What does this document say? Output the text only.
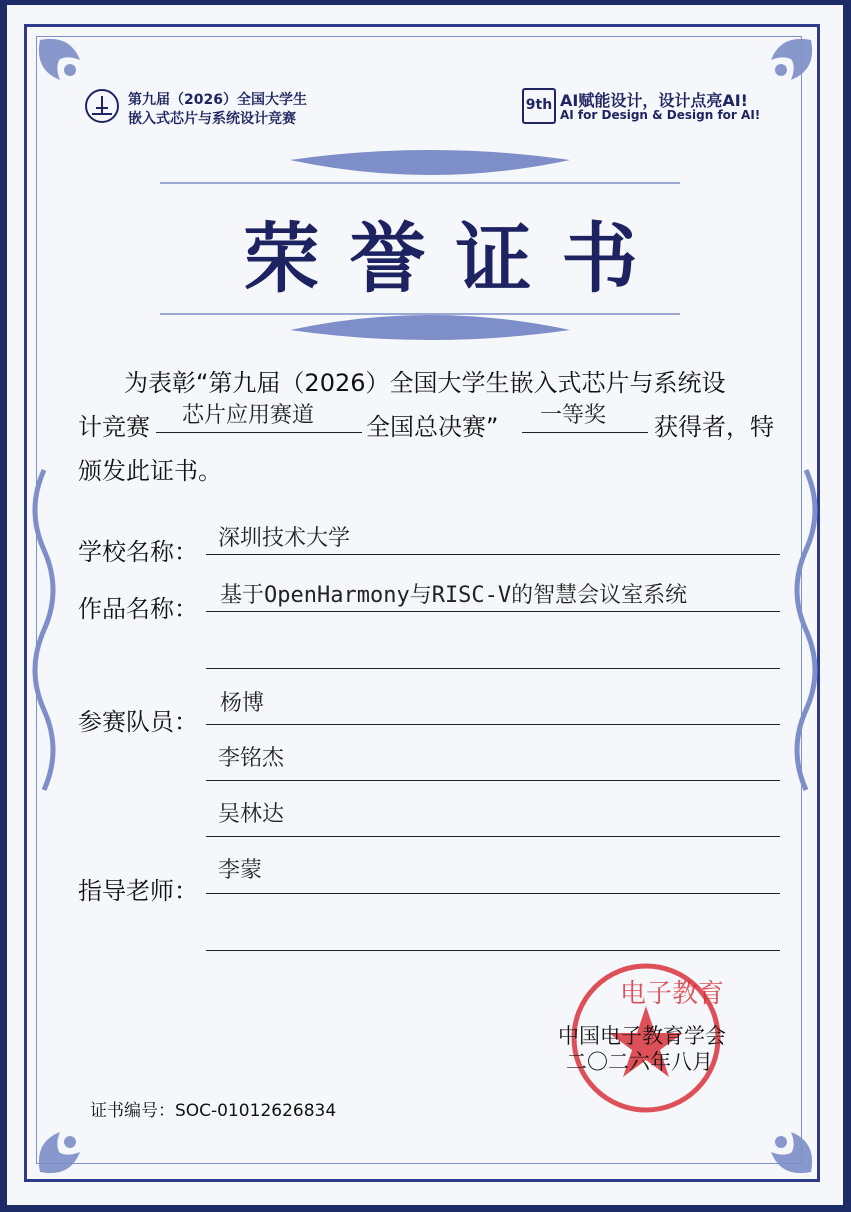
第九届（2026）全国大学生
嵌入式芯片与系统设计竞赛
9th AI赋能设计，设计点亮AI!
AI for Design & Design for AI!
荣誉证书
为表彰“第九届（2026）全国大学生嵌入式芯片与系统设
计竞赛 芯片应用赛道 全国总决赛” 一等奖 获得者，特
颁发此证书。
学校名称： 深圳技术大学
作品名称： 基于OpenHarmony与RISC-V的智慧会议室系统
参赛队员：
杨博
李铭杰
吴林达
指导老师：
李蒙
电子教育
中国电子教育学会
二〇二六年八月
证书编号：SOC-01012626834
